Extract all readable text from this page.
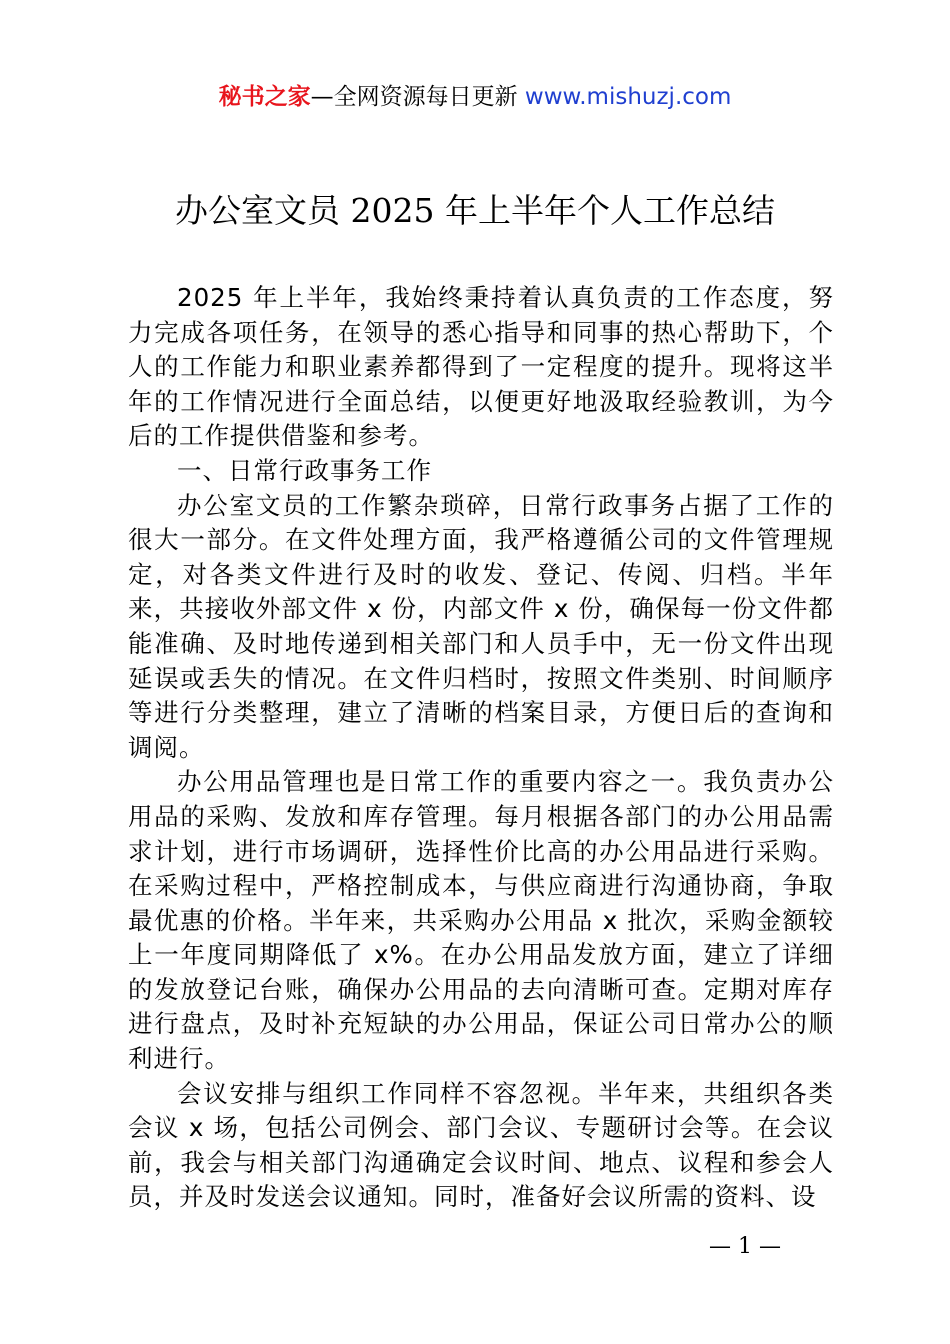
秘书之家—全网资源每日更新 www.mishuzj.com
办公室文员 2025 年上半年个人工作总结

2025 年上半年，我始终秉持着认真负责的工作态度，努力完成各项任务，在领导的悉心指导和同事的热心帮助下，个人的工作能力和职业素养都得到了一定程度的提升。现将这半年的工作情况进行全面总结，以便更好地汲取经验教训，为今后的工作提供借鉴和参考。

一、日常行政事务工作

办公室文员的工作繁杂琐碎，日常行政事务占据了工作的很大一部分。在文件处理方面，我严格遵循公司的文件管理规定，对各类文件进行及时的收发、登记、传阅、归档。半年来，共接收外部文件 x 份，内部文件 x 份，确保每一份文件都能准确、及时地传递到相关部门和人员手中，无一份文件出现延误或丢失的情况。在文件归档时，按照文件类别、时间顺序等进行分类整理，建立了清晰的档案目录，方便日后的查询和调阅。

办公用品管理也是日常工作的重要内容之一。我负责办公用品的采购、发放和库存管理。每月根据各部门的办公用品需求计划，进行市场调研，选择性价比高的办公用品进行采购。在采购过程中，严格控制成本，与供应商进行沟通协商，争取最优惠的价格。半年来，共采购办公用品 x 批次，采购金额较上一年度同期降低了 x%。在办公用品发放方面，建立了详细的发放登记台账，确保办公用品的去向清晰可查。定期对库存进行盘点，及时补充短缺的办公用品，保证公司日常办公的顺利进行。

会议安排与组织工作同样不容忽视。半年来，共组织各类会议 x 场，包括公司例会、部门会议、专题研讨会等。在会议前，我会与相关部门沟通确定会议时间、地点、议程和参会人员，并及时发送会议通知。同时，准备好会议所需的资料、设

— 1 —
